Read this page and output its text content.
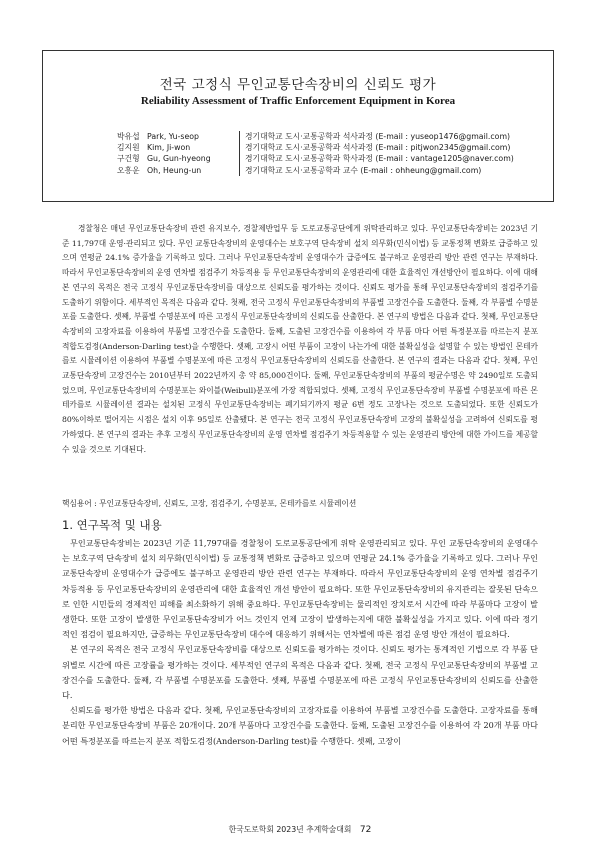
전국 고정식 무인교통단속장비의 신뢰도 평가
Reliability Assessment of Traffic Enforcement Equipment in Korea
박유섭 Park, Yu-seop	경기대학교 도시·교통공학과 석사과정 (E-mail : yuseop1476@gmail.com)
김지원 Kim, Ji-won	경기대학교 도시·교통공학과 석사과정 (E-mail : pitjwon2345@gmail.com)
구건형 Gu, Gun-hyeong	경기대학교 도시·교통공학과 학사과정 (E-mail : vantage1205@naver.com)
오흥운 Oh, Heung-un	경기대학교 도시·교통공학과 교수 (E-mail : ohheung@gmail.com)

경찰청은 매년 무인교통단속장비 관련 유지보수, 경찰제반업무 등 도로교통공단에게 위탁관리하고 있다. 무인교통단속장비는 2023년 기준 11,797대 운영·관리되고 있다. 무인 교통단속장비의 운영대수는 보호구역 단속장비 설치 의무화(민식이법) 등 교통정책 변화로 급증하고 있으며 연평균 24.1% 증가율을 기록하고 있다. 그러나 무인교통단속장비 운영대수가 급증에도 불구하고 운영관리 방안 관련 연구는 부재하다. 따라서 무인교통단속장비의 운영 연차별 점검주기 차등적용 등 무인교통단속장비의 운영관리에 대한 효율적인 개선방안이 필요하다. 이에 대해 본 연구의 목적은 전국 고정식 무인교통단속장비를 대상으로 신뢰도를 평가하는 것이다. 신뢰도 평가를 통해 무인교통단속장비의 점검주기를 도출하기 위함이다. 세부적인 목적은 다음과 같다. 첫째, 전국 고정식 무인교통단속장비의 부품별 고장건수를 도출한다. 둘째, 각 부품별 수명분포를 도출한다. 셋째, 부품별 수명분포에 따른 고정식 무인교통단속장비의 신뢰도를 산출한다. 본 연구의 방법은 다음과 같다. 첫째, 무인교통단속장비의 고장자료를 이용하여 부품별 고장건수를 도출한다. 둘째, 도출된 고장건수를 이용하여 각 부품 마다 어떤 특정분포를 따르는지 분포 적합도검정(Anderson-Darling test)을 수행한다. 셋째, 고장시 어떤 부품이 고장이 나는가에 대한 불확실성을 설명할 수 있는 방법인 몬테카를로 시뮬레이션 이용하여 부품별 수명분포에 따른 고정식 무인교통단속장비의 신뢰도를 산출한다. 본 연구의 결과는 다음과 같다. 첫째, 무인교통단속장비 고장건수는 2010년부터 2022년까지 총 약 85,000건이다. 둘째, 무인교통단속장비의 부품의 평균수명은 약 2490일로 도출되었으며, 무인교통단속장비의 수명분포는 와이블(Weibull)분포에 가장 적합되었다. 셋째, 고정식 무인교통단속장비 부품별 수명분포에 따른 몬테카를로 시뮬레이션 결과는 설치된 고정식 무인교통단속장비는 폐기되기까지 평균 6번 정도 고장나는 것으로 도출되었다. 또한 신뢰도가 80%이하로 떨어지는 시점은 설치 이후 95일로 산출됐다. 본 연구는 전국 고정식 무인교통단속장비 고장의 불확실성을 고려하여 신뢰도를 평가하였다. 본 연구의 결과는 추후 고정식 무인교통단속장비의 운영 연차별 점검주기 차등적용할 수 있는 운영관리 방안에 대한 가이드를 제공할 수 있을 것으로 기대된다.

핵심용어 : 무인교통단속장비, 신뢰도, 고장, 점검주기, 수명분포, 몬테카를로 시뮬레이션
1. 연구목적 및 내용

무인교통단속장비는 2023년 기준 11,797대를 경찰청이 도로교통공단에게 위탁 운영관리되고 있다. 무인 교통단속장비의 운영대수는 보호구역 단속장비 설치 의무화(민식이법) 등 교통정책 변화로 급증하고 있으며 연평균 24.1% 증가율을 기록하고 있다. 그러나 무인교통단속장비 운영대수가 급증에도 불구하고 운영관리 방안 관련 연구는 부재하다. 따라서 무인교통단속장비의 운영 연차별 점검주기 차등적용 등 무인교통단속장비의 운영관리에 대한 효율적인 개선 방안이 필요하다. 또한 무인교통단속장비의 유지관리는 잘못된 단속으로 인한 시민들의 경제적인 피해를 최소화하기 위해 중요하다. 무인교통단속장비는 물리적인 장치로서 시간에 따라 부품마다 고장이 발생한다. 또한 고장이 발생한 무인교통단속장비가 어느 것인지 언제 고장이 발생하는지에 대한 불확실성을 가지고 있다. 이에 따라 정기적인 점검이 필요하지만, 급증하는 무인교통단속장비 대수에 대응하기 위해서는 연차별에 따른 점검 운영 방안 개선이 필요하다.

본 연구의 목적은 전국 고정식 무인교통단속장비를 대상으로 신뢰도를 평가하는 것이다. 신뢰도 평가는 통계적인 기법으로 각 부품 단위별로 시간에 따른 고장률을 평가하는 것이다. 세부적인 연구의 목적은 다음과 같다. 첫째, 전국 고정식 무인교통단속장비의 부품별 고장건수를 도출한다. 둘째, 각 부품별 수명분포를 도출한다. 셋째, 부품별 수명분포에 따른 고정식 무인교통단속장비의 신뢰도를 산출한다.

신뢰도를 평가한 방법은 다음과 같다. 첫째, 무인교통단속장비의 고장자료를 이용하여 부품별 고장건수를 도출한다. 고장자료를 통해 분리한 무인교통단속장비 부품은 20개이다. 20개 부품마다 고장건수를 도출한다. 둘째, 도출된 고장건수를 이용하여 각 20개 부품 마다 어떤 특정분포를 따르는지 분포 적합도검정(Anderson-Darling test)를 수행한다. 셋째, 고장이

한국도로학회 2023년 추계학술대회 72
